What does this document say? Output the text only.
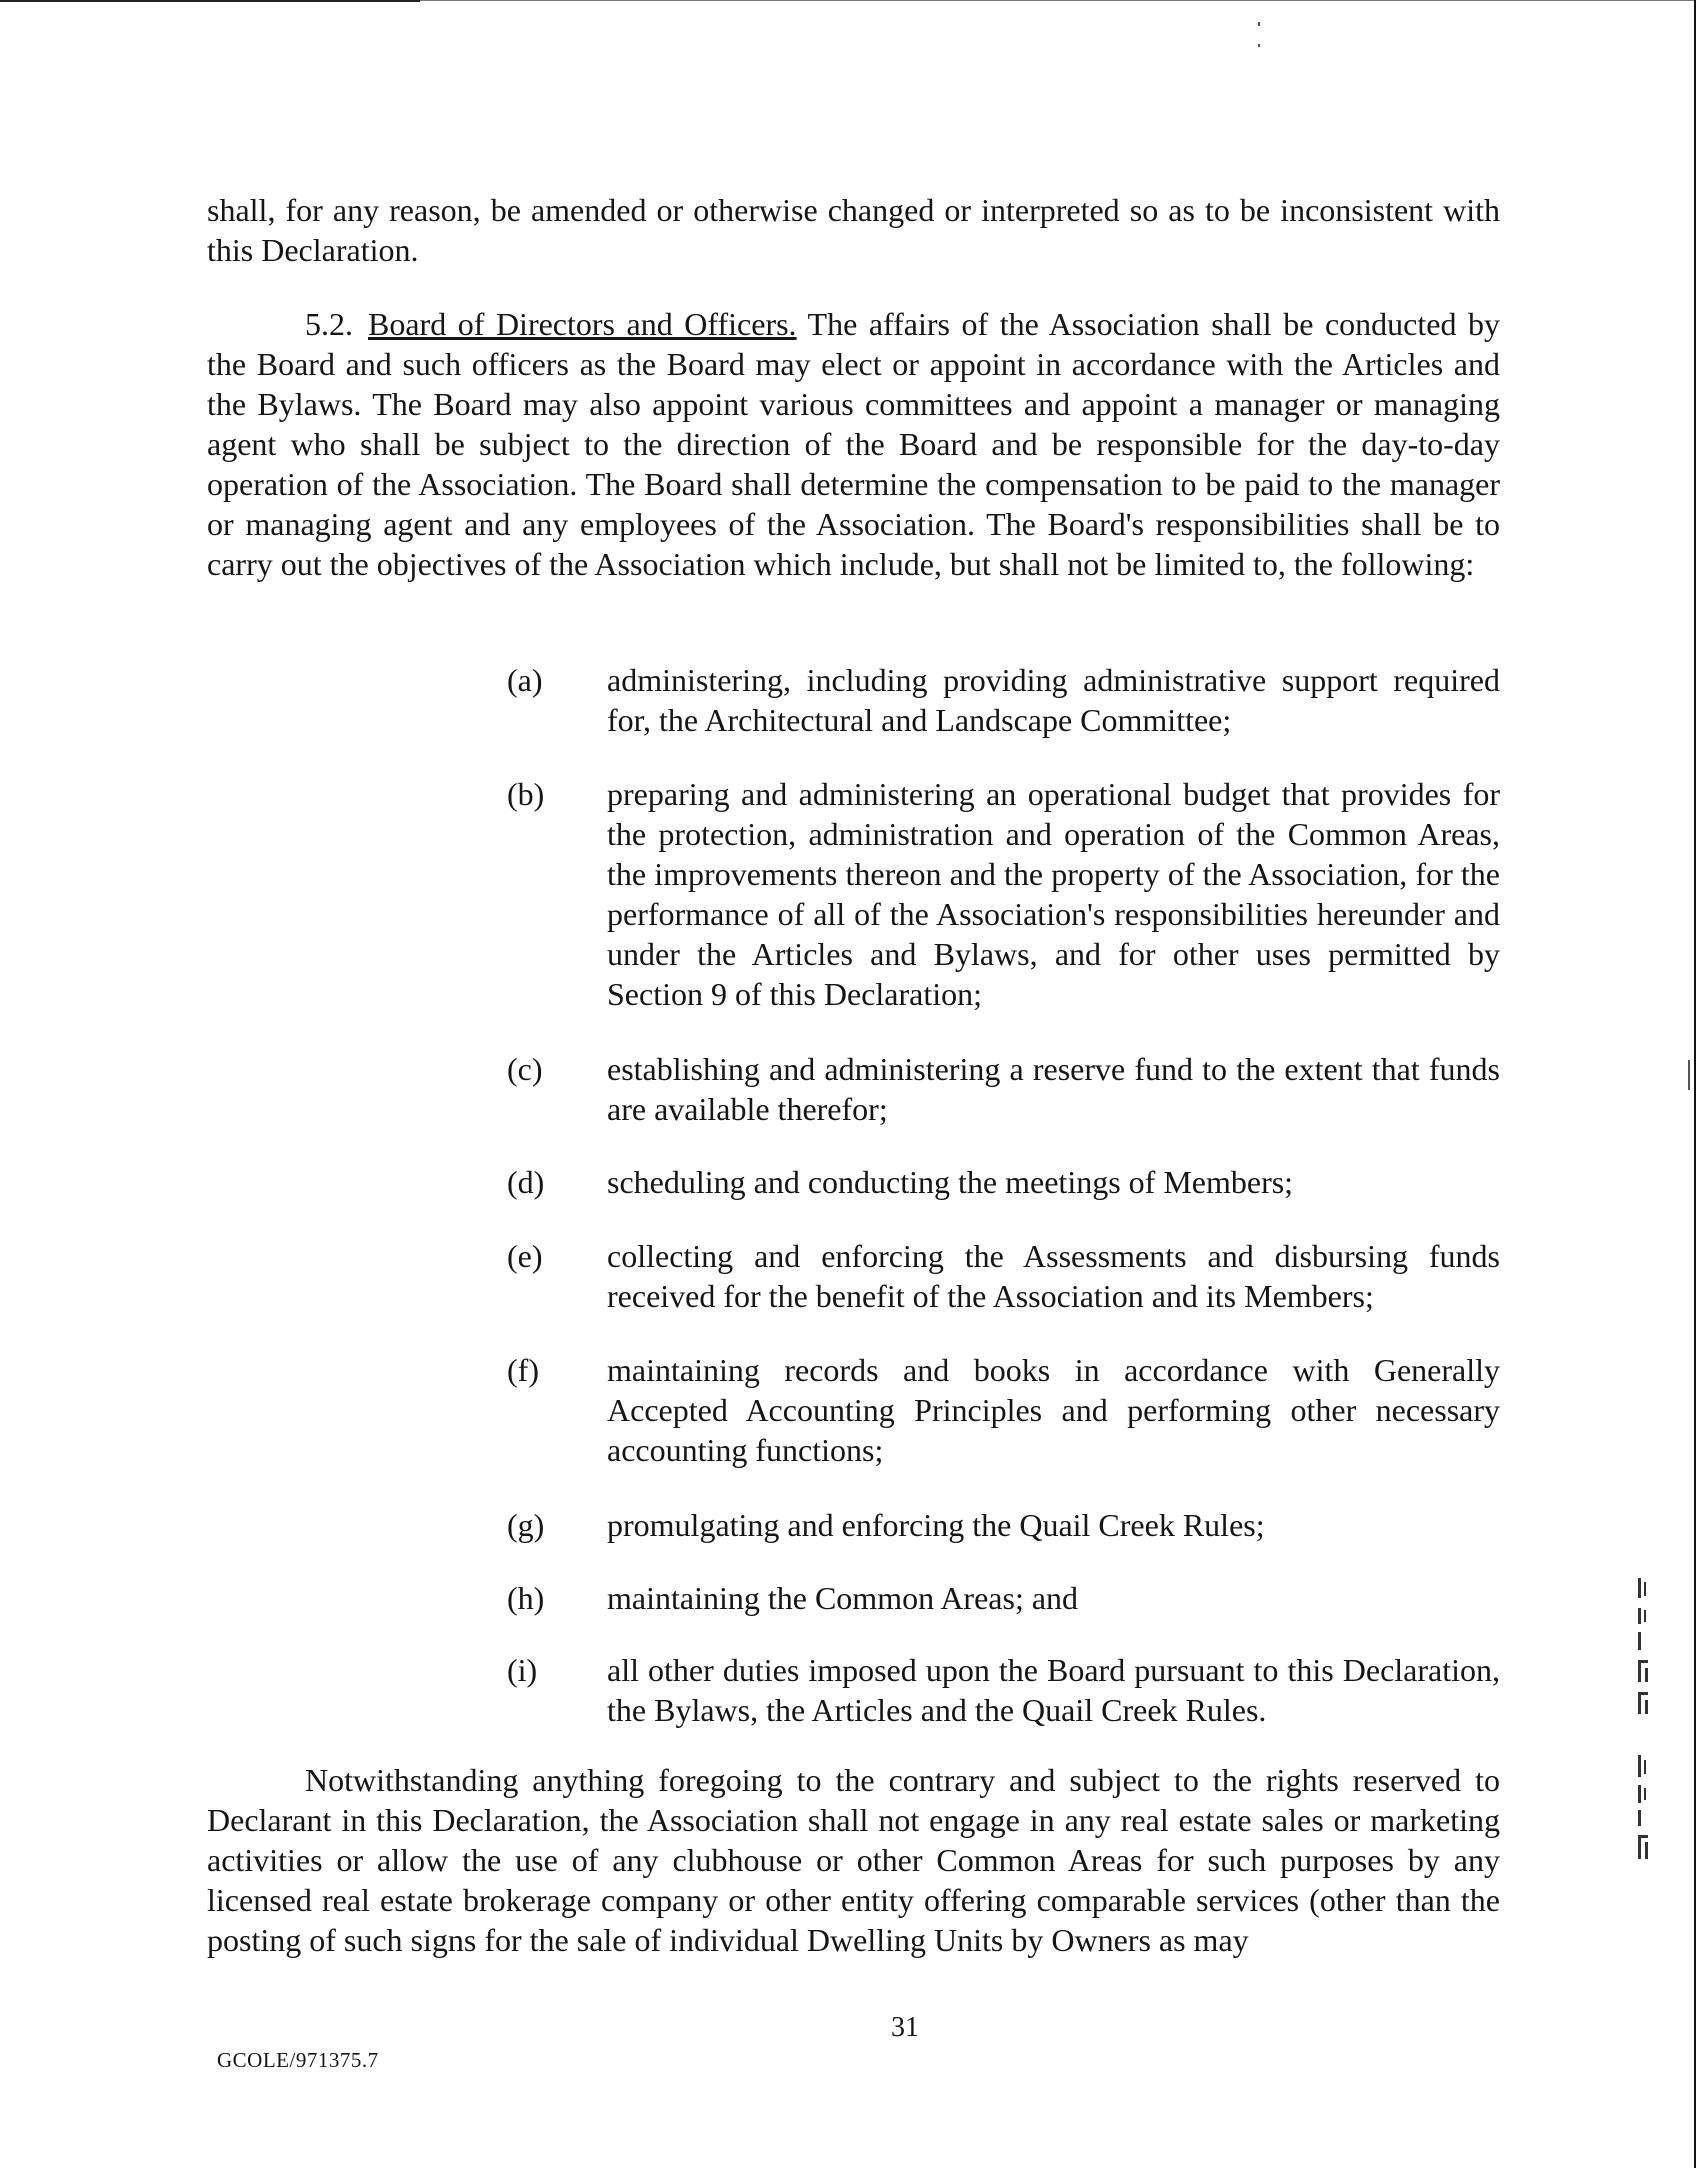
shall, for any reason, be amended or otherwise changed or interpreted so as to be inconsistent with this Declaration.

5.2. Board of Directors and Officers. The affairs of the Association shall be conducted by the Board and such officers as the Board may elect or appoint in accordance with the Articles and the Bylaws. The Board may also appoint various committees and appoint a manager or managing agent who shall be subject to the direction of the Board and be responsible for the day-to-day operation of the Association. The Board shall determine the compensation to be paid to the manager or managing agent and any employees of the Association. The Board's responsibilities shall be to carry out the objectives of the Association which include, but shall not be limited to, the following:

(a) administering, including providing administrative support required for, the Architectural and Landscape Committee;

(b) preparing and administering an operational budget that provides for the protection, administration and operation of the Common Areas, the improvements thereon and the property of the Association, for the performance of all of the Association's responsibilities hereunder and under the Articles and Bylaws, and for other uses permitted by Section 9 of this Declaration;

(c) establishing and administering a reserve fund to the extent that funds are available therefor;

(d) scheduling and conducting the meetings of Members;

(e) collecting and enforcing the Assessments and disbursing funds received for the benefit of the Association and its Members;

(f) maintaining records and books in accordance with Generally Accepted Accounting Principles and performing other necessary accounting functions;

(g) promulgating and enforcing the Quail Creek Rules;

(h) maintaining the Common Areas; and

(i) all other duties imposed upon the Board pursuant to this Declaration, the Bylaws, the Articles and the Quail Creek Rules.

Notwithstanding anything foregoing to the contrary and subject to the rights reserved to Declarant in this Declaration, the Association shall not engage in any real estate sales or marketing activities or allow the use of any clubhouse or other Common Areas for such purposes by any licensed real estate brokerage company or other entity offering comparable services (other than the posting of such signs for the sale of individual Dwelling Units by Owners as may

31
GCOLE/971375.7
